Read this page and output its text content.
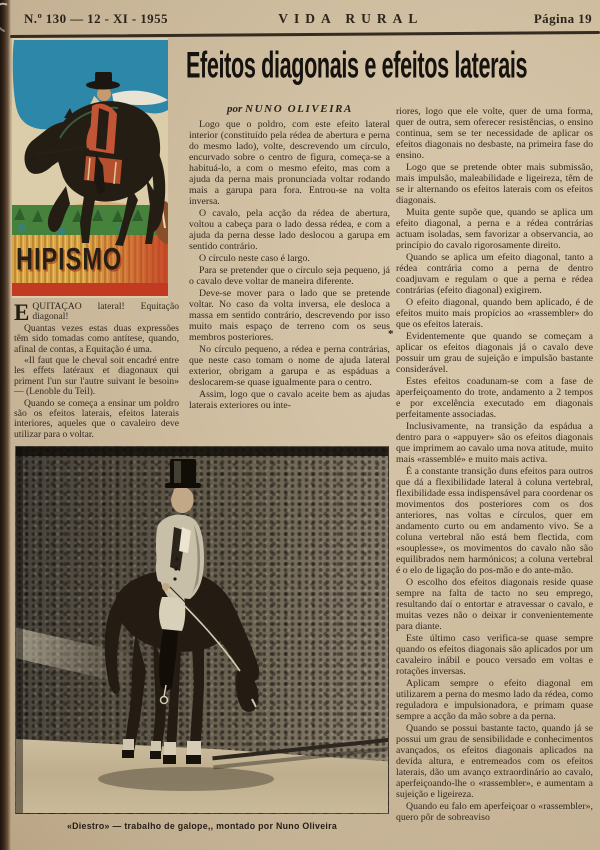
N.º 130 — 12 - XI - 1955	VIDA RURAL	Página 19
Efeitos diagonais e efeitos laterais
por NUNO OLIVEIRA
HIPISMO

EQUITAÇÃO lateral! Equitação diagonal!

Quantas vezes estas duas expressões têm sido tomadas como antítese, quando, afinal de contas, a Equitação é uma.

«Il faut que le cheval soit encadré entre les effets latéraux et diagonaux qui priment l'un sur l'autre suivant le besoin» — (Lenoble du Teil).

Quando se começa a ensinar um poldro são os efeitos laterais, efeitos laterais interiores, aqueles que o cavaleiro deve utilizar para o voltar.

Logo que o poldro, com este efeito lateral interior (constituído pela rédea de abertura e perna do mesmo lado), volte, descrevendo um círculo, encurvado sobre o centro de figura, começa-se a habituá-lo, a com o mesmo efeito, mas com a ajuda da perna mais pronunciada voltar rodando mais a garupa para fora. Entrou-se na volta inversa.

O cavalo, pela acção da rédea de abertura, voltou a cabeça para o lado dessa rédea, e com a ajuda da perna desse lado deslocou a garupa em sentido contrário.

O círculo neste caso é largo.

Para se pretender que o círculo seja pequeno, já o cavalo deve voltar de maneira diferente.

Deve-se mover para o lado que se pretende voltar. No caso da volta inversa, ele desloca a massa em sentido contrário, descrevendo por isso muito mais espaço de terreno com os seus membros posteriores.

No círculo pequeno, a rédea e perna contrárias, que neste caso tomam o nome de ajuda lateral exterior, obrigam a garupa e as espáduas a deslocarem-se quase igualmente para o centro.

Assim, logo que o cavalo aceite bem as ajudas laterais exteriores ou inte-

«Diestro» — trabalho de galope,, montado por Nuno Oliveira

riores, logo que ele volte, quer de uma forma, quer de outra, sem oferecer resistências, o ensino continua, sem se ter necessidade de aplicar os efeitos diagonais no desbaste, na primeira fase do ensino.

Logo que se pretende obter mais submissão, mais impulsão, maleabilidade e ligeireza, têm de se ir alternando os efeitos laterais com os efeitos diagonais.

Muita gente supõe que, quando se aplica um efeito diagonal, a perna e a rédea contrárias actuam isoladas, sem favorizar a observancia, ao princípio do cavalo rigorosamente direito.

Quando se aplica um efeito diagonal, tanto a rédea contrária como a perna de dentro coadjuvam e regulam o que a perna e rédea contrárias (efeito diagonal) exigirem.

O efeito diagonal, quando bem aplicado, é de efeitos muito mais propícios ao «rassembler» do que os efeitos laterais.

Evidentemente que quando se começam a aplicar os efeitos diagonais já o cavalo deve possuir um grau de sujeição e impulsão bastante considerável.

Estes efeitos coadunam-se com a fase de aperfeiçoamento do trote, andamento a 2 tempos e por excelência executado em diagonais perfeitamente associadas.

Inclusivamente, na transição da espádua a dentro para o «appuyer» são os efeitos diagonais que imprimem ao cavalo uma nova atitude, muito mais «rassemblé» e muito mais activa.

É a constante transição duns efeitos para outros que dá a flexibilidade lateral à coluna vertebral, flexibilidade essa indispensável para coordenar os movimentos dos posteriores com os dos anteriores, nas voltas e círculos, quer em andamento curto ou em andamento vivo. Se a coluna vertebral não está bem flectida, com «souplesse», os movimentos do cavalo não são equilibrados nem harmónicos; a coluna vertebral é o elo de ligação do pos-mão e do ante-mão.

O escolho dos efeitos diagonais reside quase sempre na falta de tacto no seu emprego, resultando daí o entortar e atravessar o cavalo, e muitas vezes não o deixar ir convenientemente para diante.

Este último caso verifica-se quase sempre quando os efeitos diagonais são aplicados por um cavaleiro inábil e pouco versado em voltas e rotações inversas.

Aplicam sempre o efeito diagonal em utilizarem a perna do mesmo lado da rédea, como reguladora e impulsionadora, e primam quase sempre a acção da mão sobre a da perna.

Quando se possui bastante tacto, quando já se possui um grau de sensibilidade e conhecimentos avançados, os efeitos diagonais aplicados na devida altura, e entremeados com os efeitos laterais, dão um avanço extraordinário ao cavalo, aperfeiçoando-lhe o «rassembler», e aumentam a sujeição e ligeireza.

Quando eu falo em aperfeiçoar o «rassembler», quero pôr de sobreaviso

*
